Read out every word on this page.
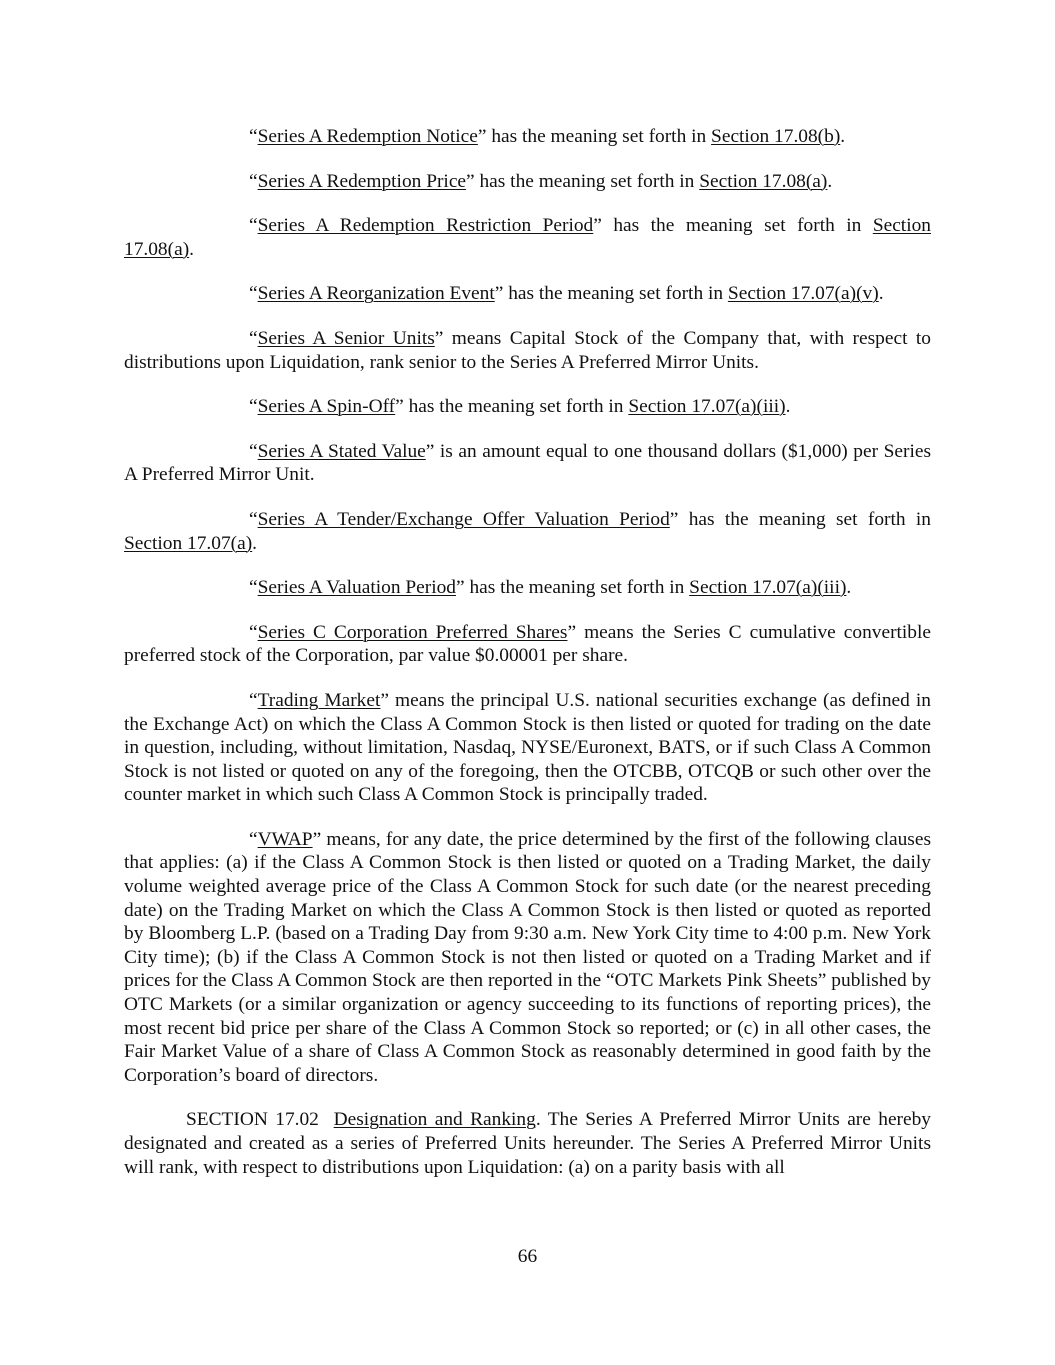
“Series A Redemption Notice” has the meaning set forth in Section 17.08(b).

“Series A Redemption Price” has the meaning set forth in Section 17.08(a).

“Series A Redemption Restriction Period” has the meaning set forth in Section 17.08(a).

“Series A Reorganization Event” has the meaning set forth in Section 17.07(a)(v).

“Series A Senior Units” means Capital Stock of the Company that, with respect to distributions upon Liquidation, rank senior to the Series A Preferred Mirror Units.

“Series A Spin-Off” has the meaning set forth in Section 17.07(a)(iii).

“Series A Stated Value” is an amount equal to one thousand dollars ($1,000) per Series A Preferred Mirror Unit.

“Series A Tender/Exchange Offer Valuation Period” has the meaning set forth in Section 17.07(a).

“Series A Valuation Period” has the meaning set forth in Section 17.07(a)(iii).

“Series C Corporation Preferred Shares” means the Series C cumulative convertible preferred stock of the Corporation, par value $0.00001 per share.

“Trading Market” means the principal U.S. national securities exchange (as defined in the Exchange Act) on which the Class A Common Stock is then listed or quoted for trading on the date in question, including, without limitation, Nasdaq, NYSE/Euronext, BATS, or if such Class A Common Stock is not listed or quoted on any of the foregoing, then the OTCBB, OTCQB or such other over the counter market in which such Class A Common Stock is principally traded.

“VWAP” means, for any date, the price determined by the first of the following clauses that applies: (a) if the Class A Common Stock is then listed or quoted on a Trading Market, the daily volume weighted average price of the Class A Common Stock for such date (or the nearest preceding date) on the Trading Market on which the Class A Common Stock is then listed or quoted as reported by Bloomberg L.P. (based on a Trading Day from 9:30 a.m. New York City time to 4:00 p.m. New York City time); (b) if the Class A Common Stock is not then listed or quoted on a Trading Market and if prices for the Class A Common Stock are then reported in the “OTC Markets Pink Sheets” published by OTC Markets (or a similar organization or agency succeeding to its functions of reporting prices), the most recent bid price per share of the Class A Common Stock so reported; or (c) in all other cases, the Fair Market Value of a share of Class A Common Stock as reasonably determined in good faith by the Corporation’s board of directors.

SECTION 17.02 Designation and Ranking. The Series A Preferred Mirror Units are hereby designated and created as a series of Preferred Units hereunder. The Series A Preferred Mirror Units will rank, with respect to distributions upon Liquidation: (a) on a parity basis with all

66
